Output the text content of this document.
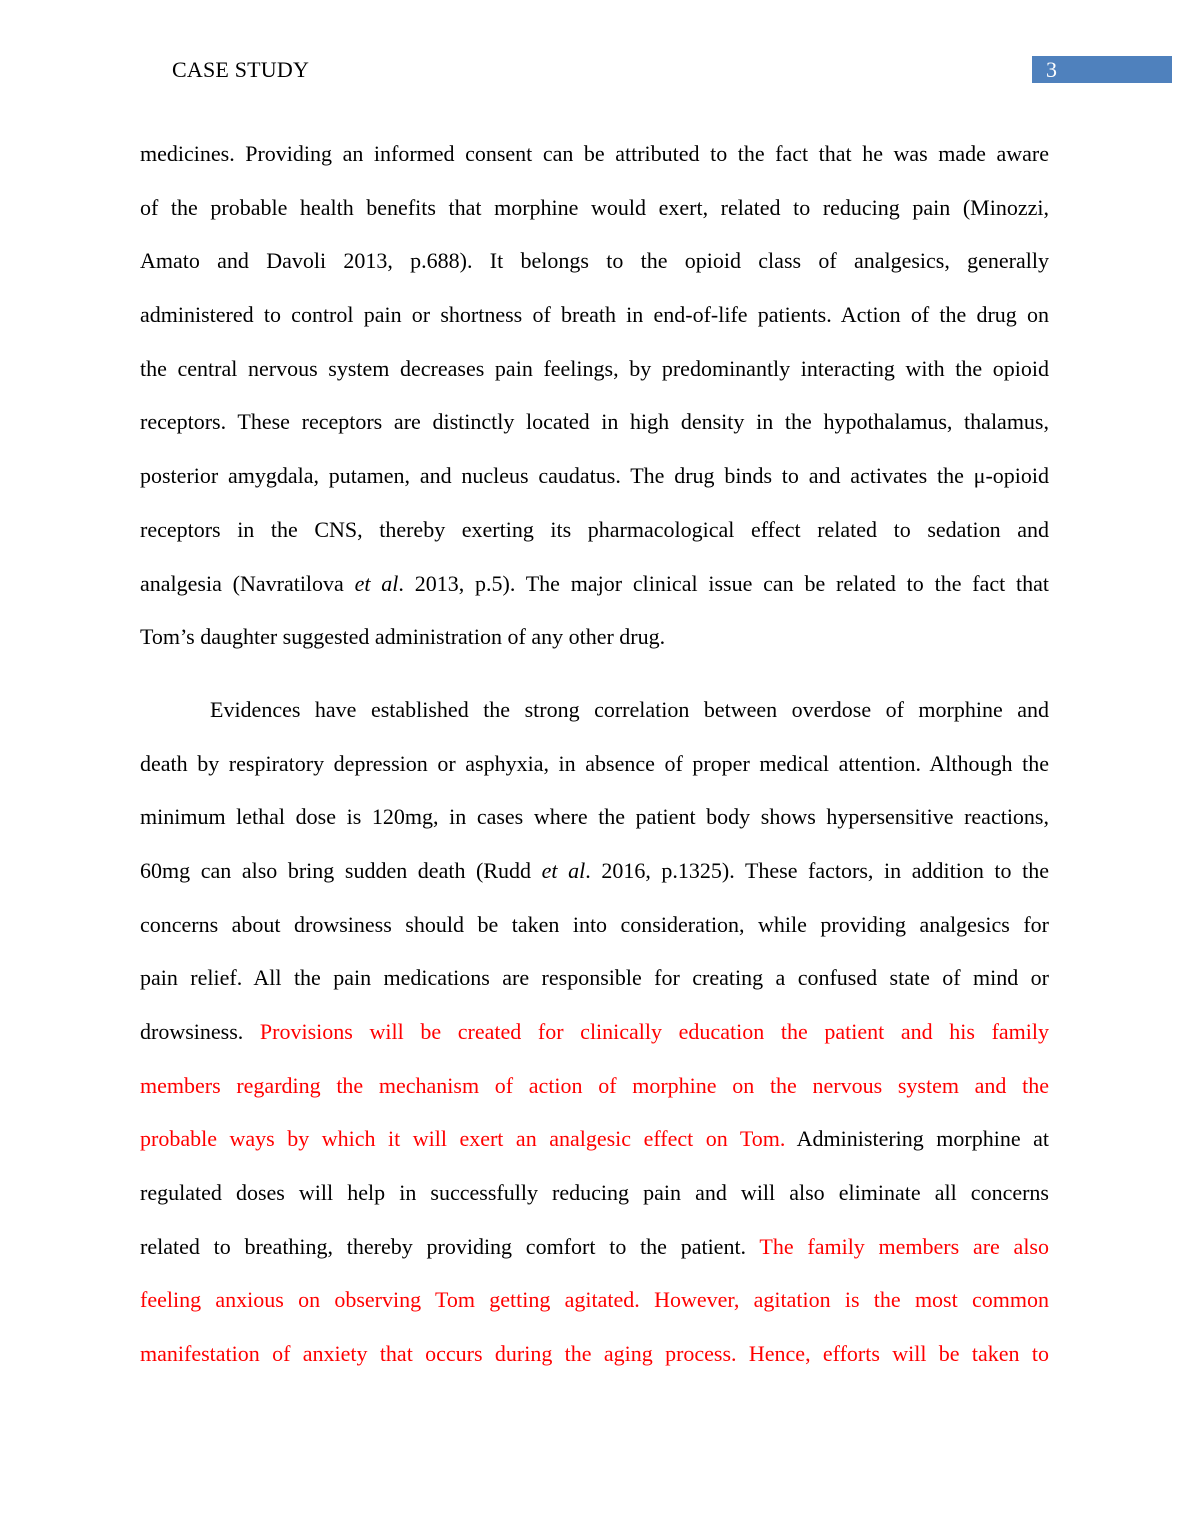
CASE STUDY	3
medicines. Providing an informed consent can be attributed to the fact that he was made aware
of the probable health benefits that morphine would exert, related to reducing pain (Minozzi,
Amato and Davoli 2013, p.688). It belongs to the opioid class of analgesics, generally
administered to control pain or shortness of breath in end-of-life patients. Action of the drug on
the central nervous system decreases pain feelings, by predominantly interacting with the opioid
receptors. These receptors are distinctly located in high density in the hypothalamus, thalamus,
posterior amygdala, putamen, and nucleus caudatus. The drug binds to and activates the μ-opioid
receptors in the CNS, thereby exerting its pharmacological effect related to sedation and
analgesia (Navratilova et al. 2013, p.5). The major clinical issue can be related to the fact that
Tom’s daughter suggested administration of any other drug.
Evidences have established the strong correlation between overdose of morphine and
death by respiratory depression or asphyxia, in absence of proper medical attention. Although the
minimum lethal dose is 120mg, in cases where the patient body shows hypersensitive reactions,
60mg can also bring sudden death (Rudd et al. 2016, p.1325). These factors, in addition to the
concerns about drowsiness should be taken into consideration, while providing analgesics for
pain relief. All the pain medications are responsible for creating a confused state of mind or
drowsiness. Provisions will be created for clinically education the patient and his family
members regarding the mechanism of action of morphine on the nervous system and the
probable ways by which it will exert an analgesic effect on Tom. Administering morphine at
regulated doses will help in successfully reducing pain and will also eliminate all concerns
related to breathing, thereby providing comfort to the patient. The family members are also
feeling anxious on observing Tom getting agitated. However, agitation is the most common
manifestation of anxiety that occurs during the aging process. Hence, efforts will be taken to
